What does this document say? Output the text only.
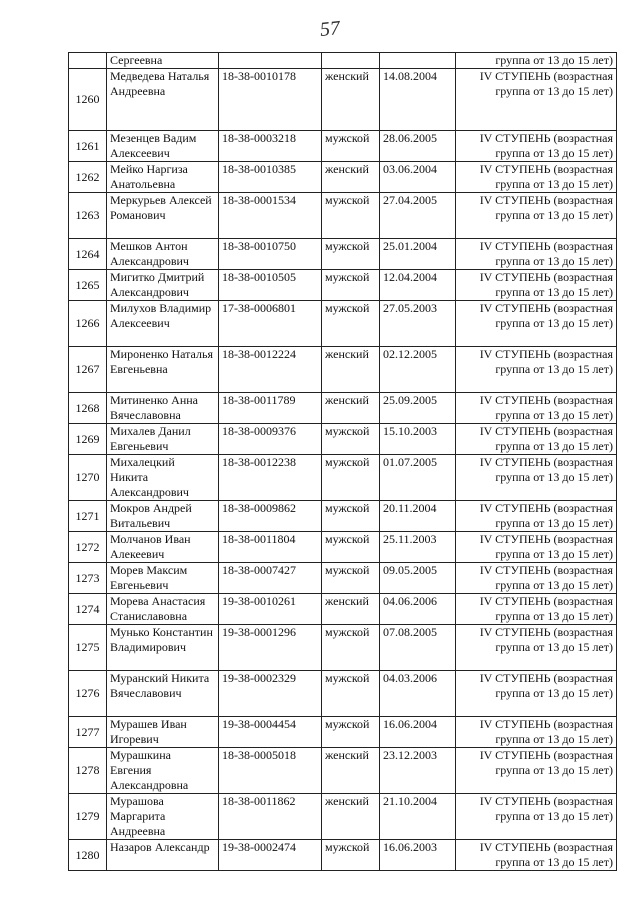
57
	Сергеевна				группа от 13 до 15 лет)
1260	Медведева Наталья Андреевна	18-38-0010178	женский	14.08.2004	IV СТУПЕНЬ (возрастная группа от 13 до 15 лет)
1261	Мезенцев Вадим Алексеевич	18-38-0003218	мужской	28.06.2005	IV СТУПЕНЬ (возрастная группа от 13 до 15 лет)
1262	Мейко Наргиза Анатольевна	18-38-0010385	женский	03.06.2004	IV СТУПЕНЬ (возрастная группа от 13 до 15 лет)
1263	Меркурьев Алексей Романович	18-38-0001534	мужской	27.04.2005	IV СТУПЕНЬ (возрастная группа от 13 до 15 лет)
1264	Мешков Антон Александрович	18-38-0010750	мужской	25.01.2004	IV СТУПЕНЬ (возрастная группа от 13 до 15 лет)
1265	Мигитко Дмитрий Александрович	18-38-0010505	мужской	12.04.2004	IV СТУПЕНЬ (возрастная группа от 13 до 15 лет)
1266	Милухов Владимир Алексеевич	17-38-0006801	мужской	27.05.2003	IV СТУПЕНЬ (возрастная группа от 13 до 15 лет)
1267	Мироненко Наталья Евгеньевна	18-38-0012224	женский	02.12.2005	IV СТУПЕНЬ (возрастная группа от 13 до 15 лет)
1268	Митиненко Анна Вячеславовна	18-38-0011789	женский	25.09.2005	IV СТУПЕНЬ (возрастная группа от 13 до 15 лет)
1269	Михалев Данил Евгеньевич	18-38-0009376	мужской	15.10.2003	IV СТУПЕНЬ (возрастная группа от 13 до 15 лет)
1270	Михалецкий Никита Александрович	18-38-0012238	мужской	01.07.2005	IV СТУПЕНЬ (возрастная группа от 13 до 15 лет)
1271	Мокров Андрей Витальевич	18-38-0009862	мужской	20.11.2004	IV СТУПЕНЬ (возрастная группа от 13 до 15 лет)
1272	Молчанов Иван Алекеевич	18-38-0011804	мужской	25.11.2003	IV СТУПЕНЬ (возрастная группа от 13 до 15 лет)
1273	Морев Максим Евгеньевич	18-38-0007427	мужской	09.05.2005	IV СТУПЕНЬ (возрастная группа от 13 до 15 лет)
1274	Морева Анастасия Станиславовна	19-38-0010261	женский	04.06.2006	IV СТУПЕНЬ (возрастная группа от 13 до 15 лет)
1275	Мунько Константин Владимирович	19-38-0001296	мужской	07.08.2005	IV СТУПЕНЬ (возрастная группа от 13 до 15 лет)
1276	Муранский Никита Вячеславович	19-38-0002329	мужской	04.03.2006	IV СТУПЕНЬ (возрастная группа от 13 до 15 лет)
1277	Мурашев Иван Игоревич	19-38-0004454	мужской	16.06.2004	IV СТУПЕНЬ (возрастная группа от 13 до 15 лет)
1278	Мурашкина Евгения Александровна	18-38-0005018	женский	23.12.2003	IV СТУПЕНЬ (возрастная группа от 13 до 15 лет)
1279	Мурашова Маргарита Андреевна	18-38-0011862	женский	21.10.2004	IV СТУПЕНЬ (возрастная группа от 13 до 15 лет)
1280	Назаров Александр	19-38-0002474	мужской	16.06.2003	IV СТУПЕНЬ (возрастная группа от 13 до 15 лет)
